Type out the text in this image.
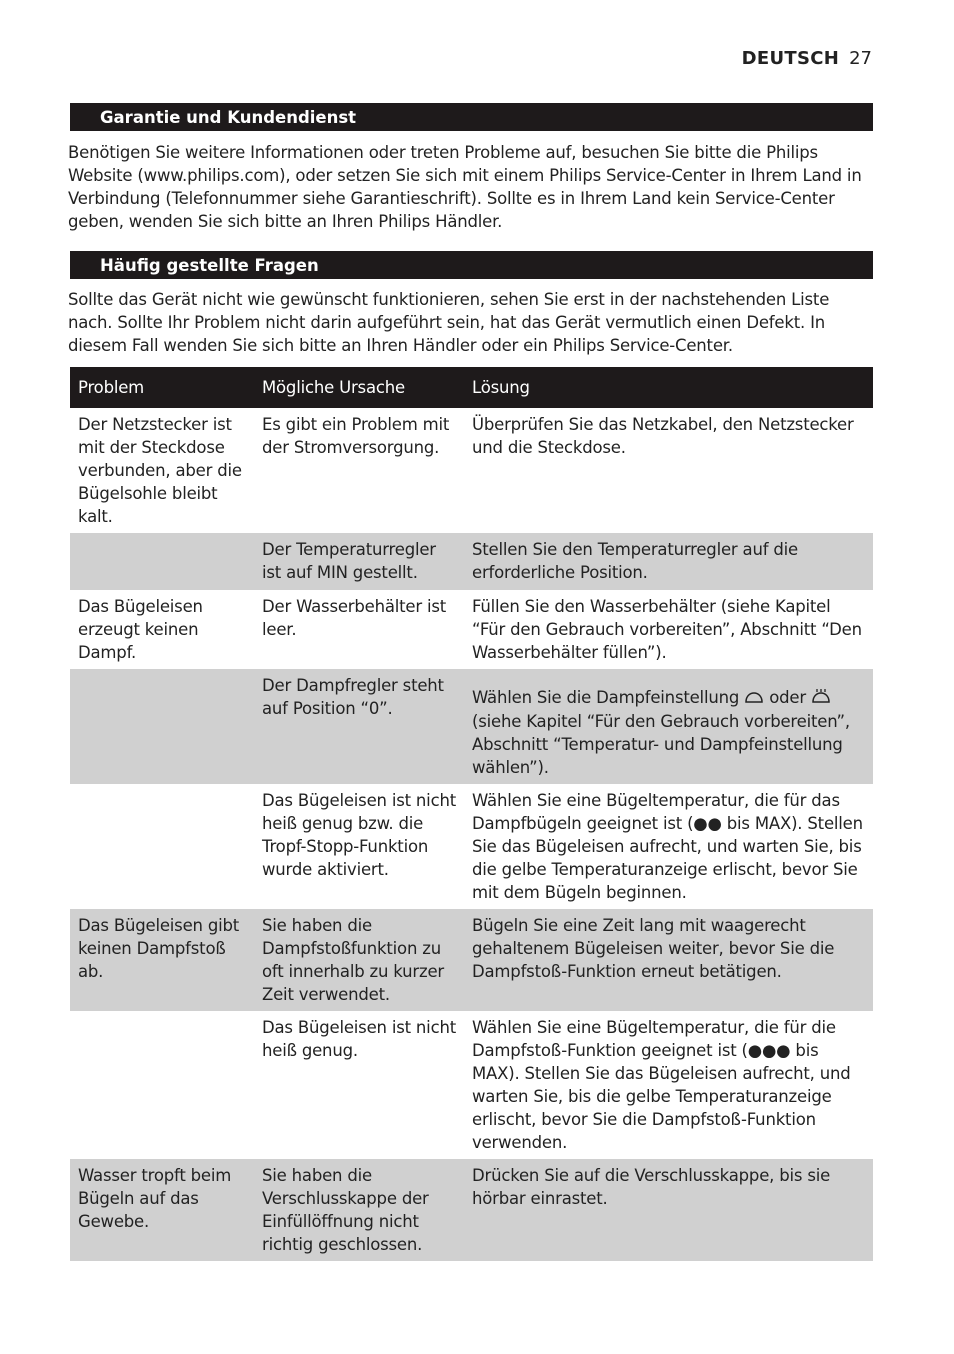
DEUTSCH 27
Garantie und Kundendienst
Benötigen Sie weitere Informationen oder treten Probleme auf, besuchen Sie bitte die Philips Website (www.philips.com), oder setzen Sie sich mit einem Philips Service-Center in Ihrem Land in Verbindung (Telefonnummer siehe Garantieschrift). Sollte es in Ihrem Land kein Service-Center geben, wenden Sie sich bitte an Ihren Philips Händler.
Häufig gestellte Fragen
Sollte das Gerät nicht wie gewünscht funktionieren, sehen Sie erst in der nachstehenden Liste nach. Sollte Ihr Problem nicht darin aufgeführt sein, hat das Gerät vermutlich einen Defekt. In diesem Fall wenden Sie sich bitte an Ihren Händler oder ein Philips Service-Center.
Problem	Mögliche Ursache	Lösung
Der Netzstecker ist mit der Steckdose verbunden, aber die Bügelsohle bleibt kalt.	Es gibt ein Problem mit der Stromversorgung.	Überprüfen Sie das Netzkabel, den Netzstecker und die Steckdose.
	Der Temperaturregler ist auf MIN gestellt.	Stellen Sie den Temperaturregler auf die erforderliche Position.
Das Bügeleisen erzeugt keinen Dampf.	Der Wasserbehälter ist leer.	Füllen Sie den Wasserbehälter (siehe Kapitel “Für den Gebrauch vorbereiten”, Abschnitt “Den Wasserbehälter füllen”).
	Der Dampfregler steht auf Position “0”.	Wählen Sie die Dampfeinstellung oder  (siehe Kapitel “Für den Gebrauch vorbereiten”, Abschnitt “Temperatur- und Dampfeinstellung wählen”).
	Das Bügeleisen ist nicht heiß genug bzw. die Tropf-Stopp-Funktion wurde aktiviert.	Wählen Sie eine Bügeltemperatur, die für das Dampfbügeln geeignet ist (●● bis MAX). Stellen Sie das Bügeleisen aufrecht, und warten Sie, bis die gelbe Temperaturanzeige erlischt, bevor Sie mit dem Bügeln beginnen.
Das Bügeleisen gibt keinen Dampfstoß ab.	Sie haben die Dampfstoßfunktion zu oft innerhalb zu kurzer Zeit verwendet.	Bügeln Sie eine Zeit lang mit waagerecht gehaltenem Bügeleisen weiter, bevor Sie die Dampfstoß-Funktion erneut betätigen.
	Das Bügeleisen ist nicht heiß genug.	Wählen Sie eine Bügeltemperatur, die für die Dampfstoß-Funktion geeignet ist (●●● bis MAX). Stellen Sie das Bügeleisen aufrecht, und warten Sie, bis die gelbe Temperaturanzeige erlischt, bevor Sie die Dampfstoß-Funktion verwenden.
Wasser tropft beim Bügeln auf das Gewebe.	Sie haben die Verschlusskappe der Einfüllöffnung nicht richtig geschlossen.	Drücken Sie auf die Verschlusskappe, bis sie hörbar einrastet.
